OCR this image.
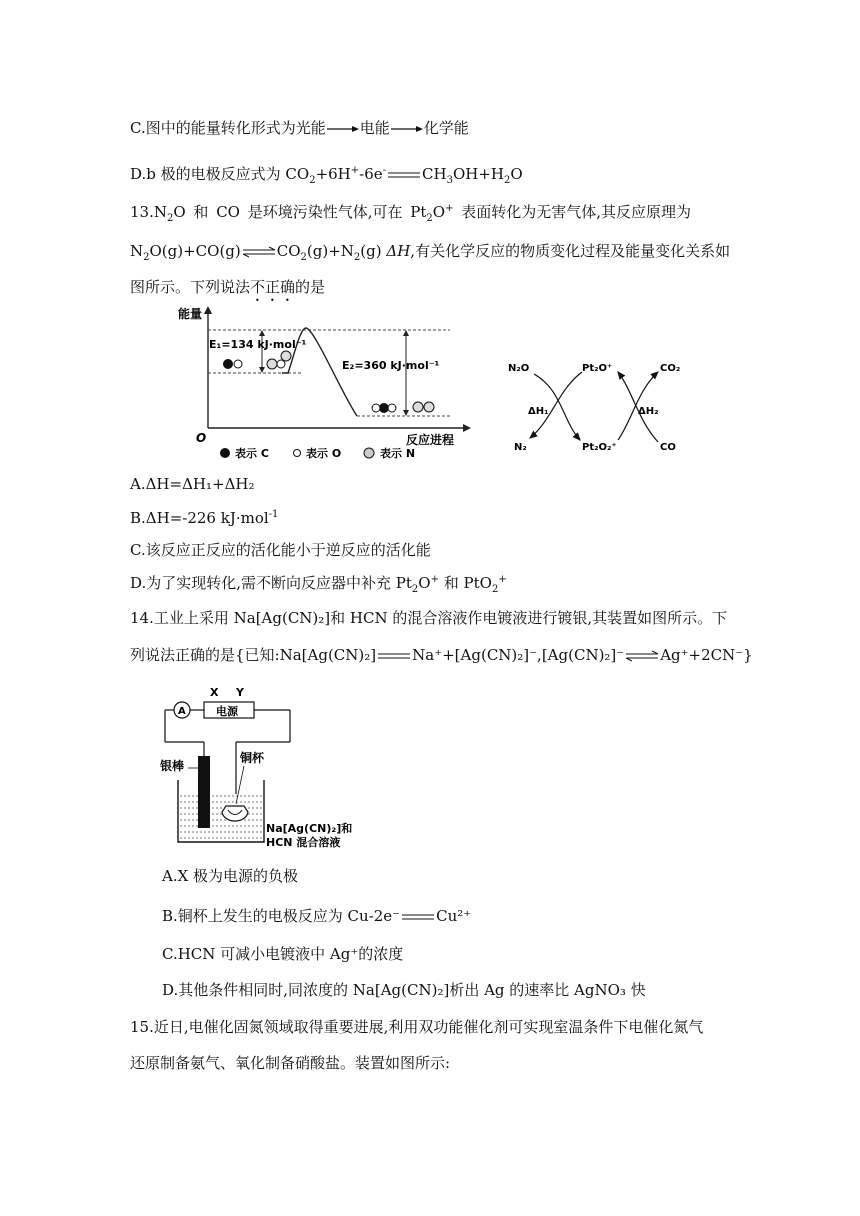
C.图中的能量转化形式为光能 电能 化学能
D.b 极的电极反应式为 $CO_2+6H^+-6e^-$ $CH_3OH+H_2O$
$13.N_2O$ 和 CO 是环境污染性气体,可在 $Pt_2O^+$ 表面转化为无害气体,其反应原理为
$N_2O(g)+CO(g)\rightleftharpoons CO_2(g)+N_2(g)$ ΔH,有关化学反应的物质变化过程及能量变化关系如
图所示。下列说法不正确的是
能量
O	反应进程
E₁=134 kJ·mol⁻¹
E₂=360 kJ·mol⁻¹
表示 C	表示 O	表示 N
N₂O	Pt₂O⁺	CO₂
ΔH₁	ΔH₂
N₂	Pt₂O₂⁺	CO
A.ΔH=ΔH₁+ΔH₂
B.ΔH=-226 kJ·mol$^{-1}$
C.该反应正反应的活化能小于逆反应的活化能
D.为了实现转化,需不断向反应器中补充 $Pt_2O^+$ 和 PtO$_2$+
14.工业上采用 Na[Ag(CN)₂]和 HCN 的混合溶液作电镀液进行镀银,其装置如图所示。下
列说法正确的是{已知:Na[Ag(CN)₂] Na⁺+[Ag(CN)₂]⁻,[Ag(CN)₂]⁻⇌Ag⁺+2CN⁻}
X Y
A	电源
银棒
铜杯
Na[Ag(CN)₂]和
HCN 混合溶液
A.X 极为电源的负极
B.铜杯上发生的电极反应为 Cu-2e⁻ Cu²⁺
C.HCN 可减小电镀液中 Ag⁺的浓度
D.其他条件相同时,同浓度的 Na[Ag(CN)₂]析出 Ag 的速率比 AgNO₃ 快
15.近日,电催化固氮领域取得重要进展,利用双功能催化剂可实现室温条件下电催化氮气
还原制备氨气、氧化制备硝酸盐。装置如图所示:
